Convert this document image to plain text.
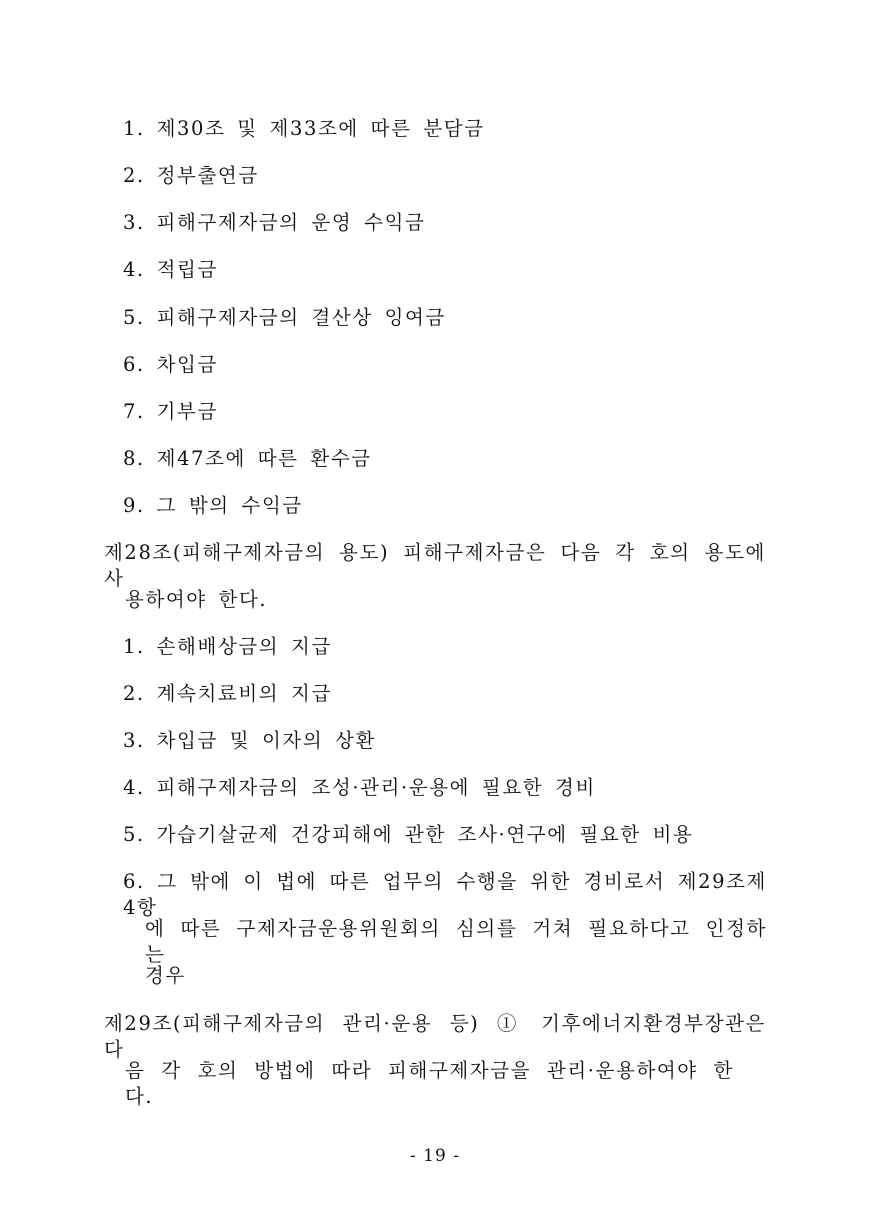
1. 제30조 및 제33조에 따른 분담금
2. 정부출연금
3. 피해구제자금의 운영 수익금
4. 적립금
5. 피해구제자금의 결산상 잉여금
6. 차입금
7. 기부금
8. 제47조에 따른 환수금
9. 그 밖의 수익금
제28조(피해구제자금의 용도) 피해구제자금은 다음 각 호의 용도에 사
용하여야 한다.
1. 손해배상금의 지급
2. 계속치료비의 지급
3. 차입금 및 이자의 상환
4. 피해구제자금의 조성·관리·운용에 필요한 경비
5. 가습기살균제 건강피해에 관한 조사·연구에 필요한 비용
6. 그 밖에 이 법에 따른 업무의 수행을 위한 경비로서 제29조제4항
에 따른 구제자금운용위원회의 심의를 거쳐 필요하다고 인정하는
경우
제29조(피해구제자금의 관리·운용 등) ① 기후에너지환경부장관은 다
음 각 호의 방법에 따라 피해구제자금을 관리·운용하여야 한다.
- 19 -
